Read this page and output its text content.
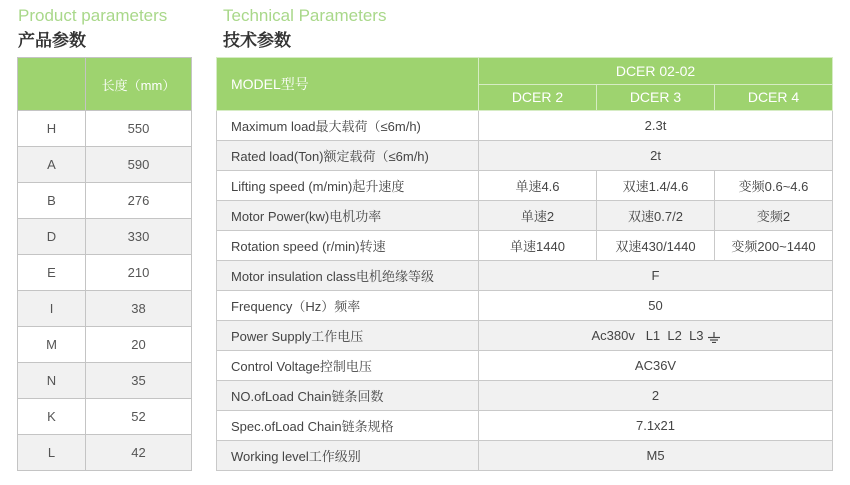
Product parameters
产品参数
Technical Parameters
技术参数
	长度（mm）
H	550
A	590
B	276
D	330
E	210
I	38
M	20
N	35
K	52
L	42
MODEL型号	DCER 02-02		
	DCER 2	DCER 3	DCER 4
Maximum load最大载荷（≤6m/h)	2.3t		
Rated load(Ton)额定载荷（≤6m/h)	2t		
Lifting speed (m/min)起升速度	单速4.6	双速1.4/4.6	变频0.6~4.6
Motor Power(kw)电机功率	单速2	双速0.7/2	变频2
Rotation speed (r/min)转速	单速1440	双速430/1440	变频200~1440
Motor insulation class电机绝缘等级	F		
Frequency（Hz）频率	50		
Power Supply工作电压	Ac380v   L1  L2  L3		
Control Voltage控制电压	AC36V		
NO.ofLoad Chain链条回数	2		
Spec.ofLoad Chain链条规格	7.1x21		
Working level工作级别	M5		
